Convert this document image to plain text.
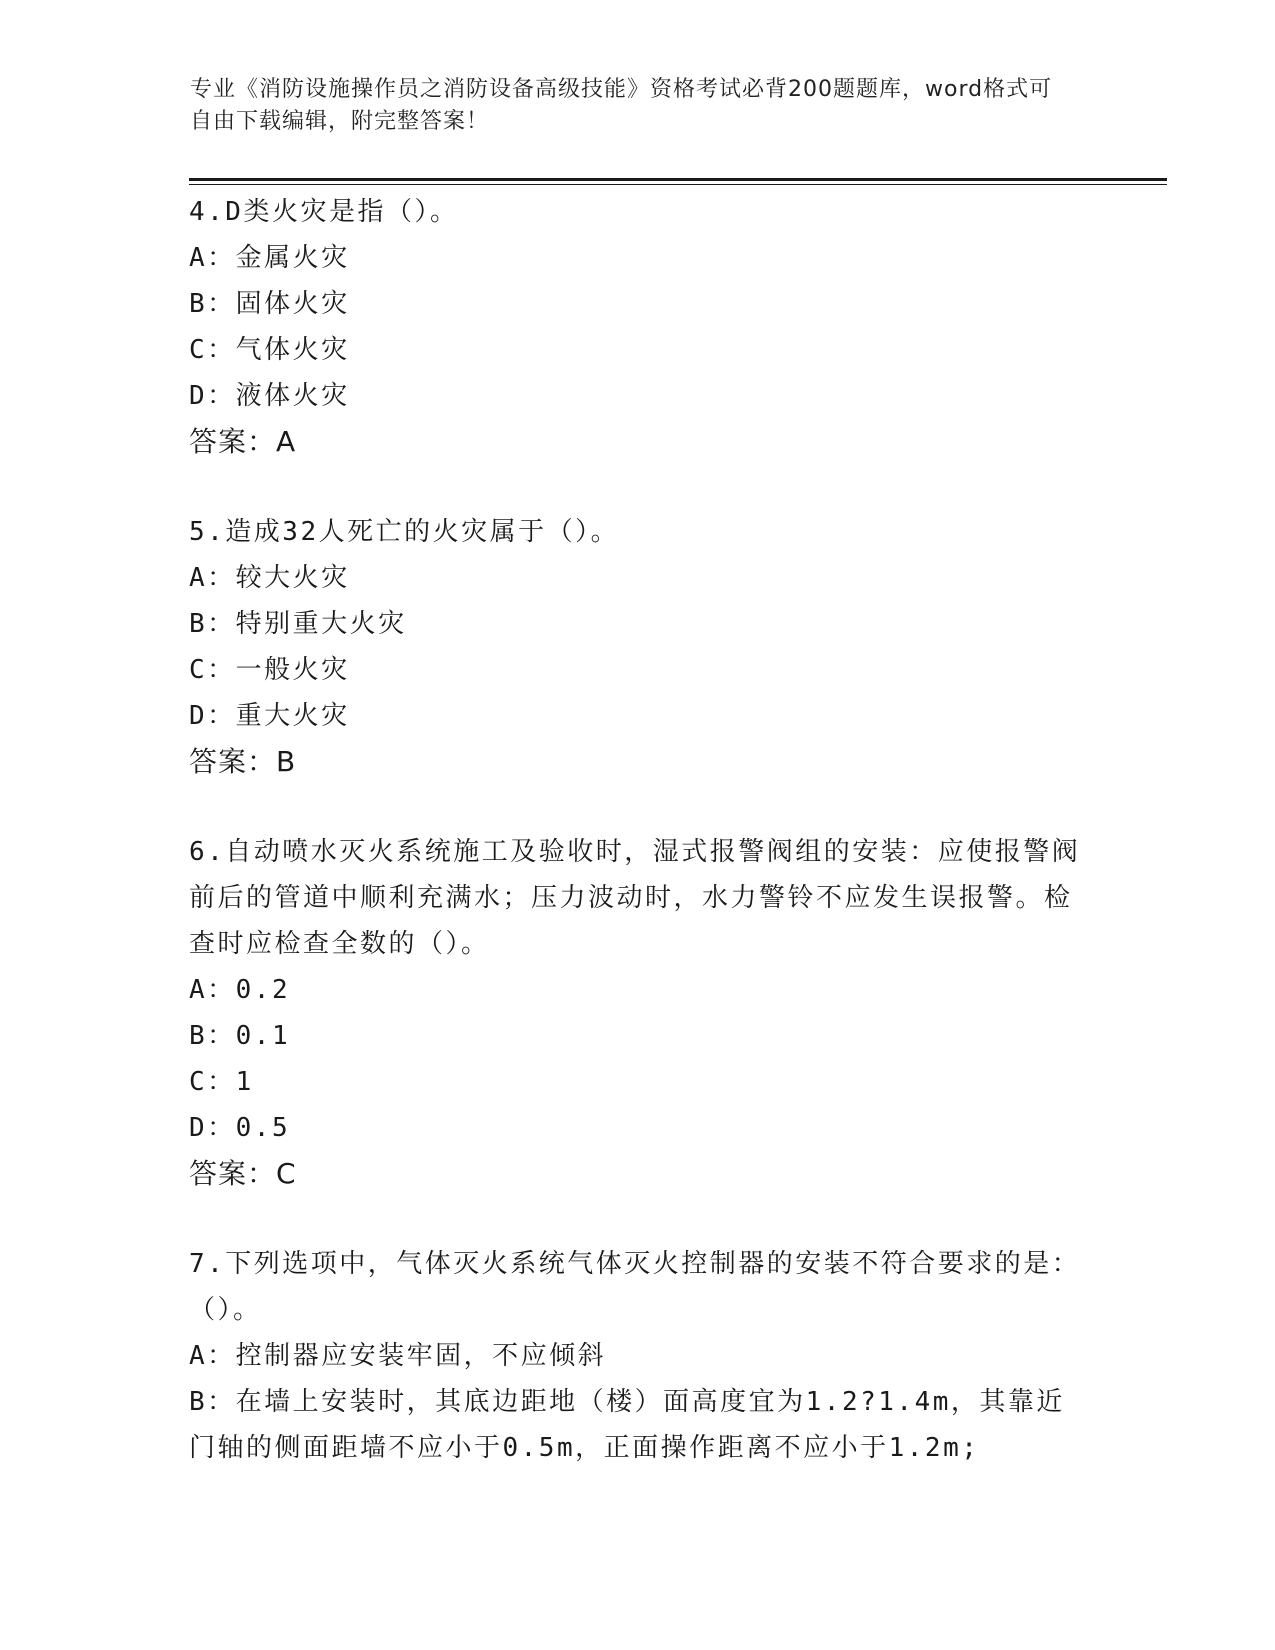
专业《消防设施操作员之消防设备高级技能》资格考试必背200题题库，word格式可自由下载编辑，附完整答案！
4.D类火灾是指（）。
A： 金属火灾
B： 固体火灾
C： 气体火灾
D： 液体火灾
答案：A
5.造成32人死亡的火灾属于（）。
A： 较大火灾
B： 特别重大火灾
C： 一般火灾
D： 重大火灾
答案：B
6.自动喷水灭火系统施工及验收时，湿式报警阀组的安装：应使报警阀前后的管道中顺利充满水；压力波动时，水力警铃不应发生误报警。检查时应检查全数的（）。
A： 0.2
B： 0.1
C： 1
D： 0.5
答案：C
7.下列选项中，气体灭火系统气体灭火控制器的安装不符合要求的是：（）。
A： 控制器应安装牢固，不应倾斜
B：在墙上安装时，其底边距地（楼）面高度宜为1.2?1.4m，其靠近门轴的侧面距墙不应小于0.5m，正面操作距离不应小于1.2m;
